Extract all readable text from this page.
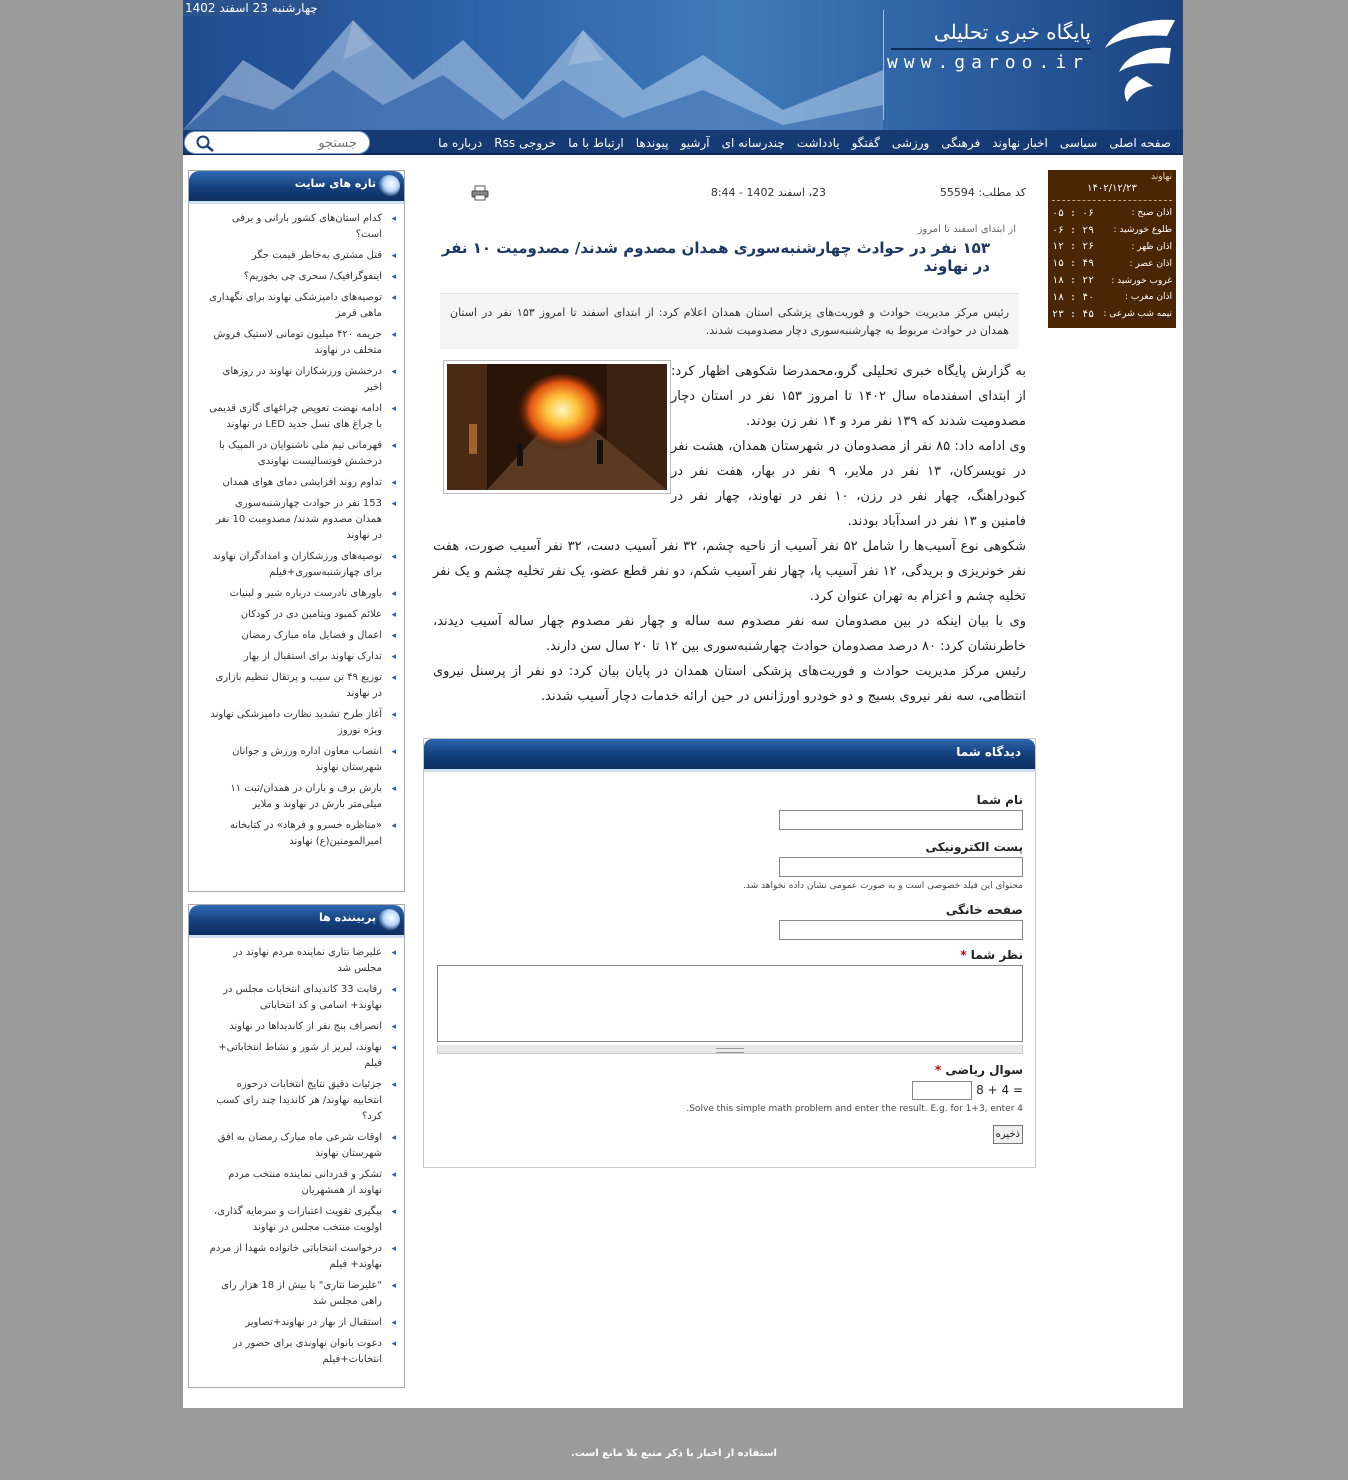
چهارشنبه 23 اسفند 1402
پایگاه خبری تحلیلی
www.garoo.ir
صفحه اصلی
سیاسی
اخبار نهاوند
فرهنگی
ورزشی
گفتگو
یادداشت
چندرسانه ای
آرشیو
پیوندها
ارتباط با ما
خروجی Rss
درباره ما
جستجو
نهاوند
۱۴۰۲/۱۲/۲۳
اذان صبح :
۰۵ : ۰۶
طلوع خورشید :
۰۶ : ۲۹
اذان ظهر :
۱۲ : ۲۶
اذان عصر :
۱۵ : ۴۹
غروب خورشید :
۱۸ : ۲۲
اذان مغرب :
۱۸ : ۴۰
نیمه شب شرعی :
۲۳ : ۴۵
کد مطلب: 55594
23، اسفند 1402 - 8:44
از ابتدای اسفند تا امروز
۱۵۳ نفر در حوادث چهارشنبه‌سوری همدان مصدوم شدند/ مصدومیت ۱۰ نفر در نهاوند
رئیس مرکز مدیریت حوادث و فوریت‌های پزشکی استان همدان اعلام کرد: از ابتدای اسفند تا امروز ۱۵۳ نفر در استان همدان در حوادث مربوط به چهارشنبه‌سوری دچار مصدومیت شدند.

به گزارش پایگاه خبری تحلیلی گرو،محمدرضا شکوهی اظهار کرد: از ابتدای اسفندماه سال ۱۴۰۲ تا امروز ۱۵۳ نفر در استان دچار مصدومیت شدند که ۱۳۹ نفر مرد و ۱۴ نفر زن بودند.

وی ادامه داد: ۸۵ نفر از مصدومان در شهرستان همدان، هشت نفر در تویسرکان، ۱۳ نفر در ملایر، ۹ نفر در بهار، هفت نفر در کبودراهنگ، چهار نفر در رزن، ۱۰ نفر در نهاوند، چهار نفر در فامنین و ۱۳ نفر در اسدآباد بودند.

شکوهی نوع آسیب‌ها را شامل ۵۲ نفر آسیب از ناحیه چشم، ۳۲ نفر آسیب دست، ۳۲ نفر آسیب صورت، هفت نفر خونریزی و بریدگی، ۱۲ نفر آسیب پا، چهار نفر آسیب شکم، دو نفر قطع عضو، یک نفر تخلیه چشم و یک نفر تخلیه چشم و اعزام به تهران عنوان کرد.

وی با بیان اینکه در بین مصدومان سه نفر مصدوم سه ساله و چهار نفر مصدوم چهار ساله آسیب دیدند، خاطرنشان کرد: ۸۰ درصد مصدومان حوادث چهارشنبه‌سوری بین ۱۲ تا ۲۰ سال سن دارند.

رئیس مرکز مدیریت حوادث و فوریت‌های پزشکی استان همدان در پایان بیان کرد: دو نفر از پرسنل نیروی انتظامی، سه نفر نیروی بسیج و دو خودرو اورژانس در حین ارائه خدمات دچار آسیب شدند.

دیدگاه شما
نام شما
پست الکترونیکی
محتوای این فیلد خصوصی است و به صورت عمومی نشان داده نخواهد شد.
صفحه خانگی
نظر شما *
سوال ریاضی *
8 + 4 =
Solve this simple math problem and enter the result. E.g. for 1+3, enter 4.
ذخیره
تازه های سایت
◂ کدام استان‌های کشور بارانی و برفی است؟
◂ قتل مشتری به‌خاطر قیمت جگر
◂ اینفوگرافیک/ سحری چی بخوریم؟
◂ توصیه‌های دامپزشکی نهاوند برای نگهداری ماهی قرمز
◂ جریمه ۴۲۰ میلیون تومانی لاستیک فروش متخلف در نهاوند
◂ درخشش ورزشکاران نهاوند در روزهای اخیر
◂ ادامه نهضت تعویض چراغهای گازی قدیمی با چراغ های نسل جدید LED در نهاوند
◂ قهرمانی تیم ملی ناشنوایان در المپیک با درخشش فوتسالیست نهاوندی
◂ تداوم روند افزایشی دمای هوای همدان
◂ 153 نفر در حوادث چهارشنبه‌سوری همدان مصدوم شدند/ مصدومیت 10 نفر در نهاوند
◂ توصیه‌های ورزشکاران و امدادگران نهاوند برای چهارشنبه‌سوری+فیلم
◂ باورهای نادرست درباره شیر و لبنیات
◂ علائم کمبود ویتامین دی در کودکان
◂ اعمال و فضایل ماه مبارک رمضان
◂ تدارک نهاوند برای استقبال از بهار
◂ توزیع ۴۹ تن سیب و پرتقال تنظیم بازاری در نهاوند
◂ آغاز طرح تشدید نظارت دامپزشکی نهاوند ویژه نوروز
◂ انتصاب معاون اداره ورزش و جوانان شهرستان نهاوند
◂ بارش برف و باران در همدان/ثبت ۱۱ میلی‌متر بارش در نهاوند و ملایر
◂ «مناظره خسرو و فرهاد» در کتابخانه امیرالمومنین(ع) نهاوند
پربیننده ها
◂ علیرضا نتاری نماینده مردم نهاوند در مجلس شد
◂ رقابت 33 کاندیدای انتخابات مجلس در نهاوند+ اسامی و کد انتخاباتی
◂ انصراف پنج نفر از کاندیداها در نهاوند
◂ نهاوند، لبریز از شور و نشاط انتخاباتی+ فیلم
◂ جزئیات دقیق نتایج انتخابات درحوزه انتخابیه نهاوند/ هر کاندیدا چند رای کسب کرد؟
◂ اوقات شرعی ماه مبارک رمضان به افق شهرستان نهاوند
◂ تشکر و قدردانی نماینده منتخب مردم نهاوند از همشهریان
◂ پیگیری تقویت اعتبارات و سرمایه گذاری، اولویت منتخب مجلس در نهاوند
◂ درخواست انتخاباتی خانواده شهدا از مردم نهاوند+ فیلم
◂ "علیرضا نتاری" با بیش از 18 هزار رای راهی مجلس شد
◂ استقبال از بهار در نهاوند+تصاویر
◂ دعوت بانوان نهاوندی برای حضور در انتخابات+فیلم
استفاده از اخبار با ذکر منبع بلا مانع است.
